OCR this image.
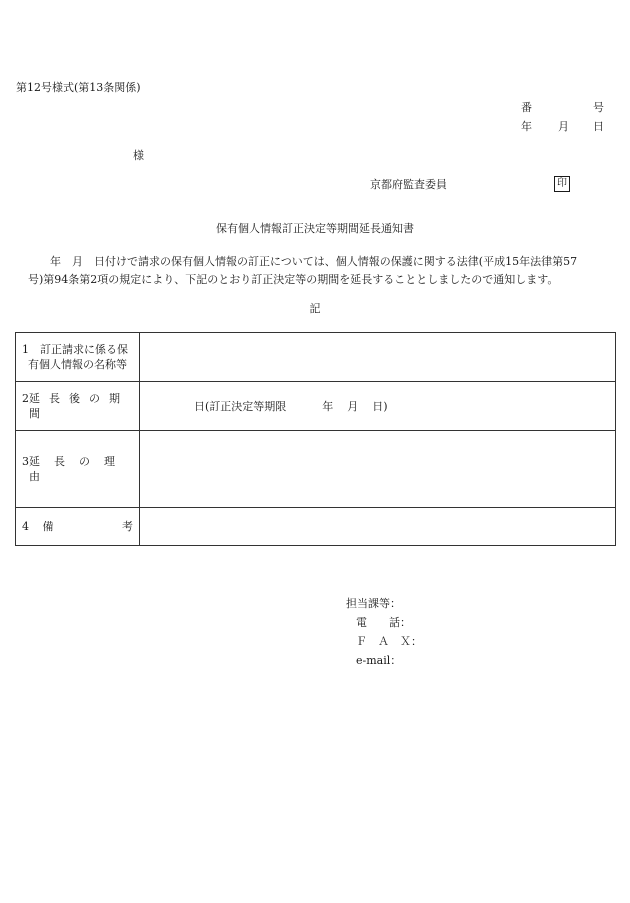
第12号様式(第13条関係)
番	号
年 月 日
様
京都府監査委員	印
保有個人情報訂正決定等期間延長通知書
年　月　日付けで請求の保有個人情報の訂正については、個人情報の保護に関する法律(平成15年法律第57
号)第94条第2項の規定により、下記のとおり訂正決定等の期間を延長することとしましたので通知します。
記
1　訂正請求に係る保
有個人情報の名称等	

2 延長後の期間	日(訂正決定等期限 年 月 日)

3 延長の理由	

4 備 考	

担当課等：
電　　話：
Ｆ　Ａ　Ｘ：
e-mail：
